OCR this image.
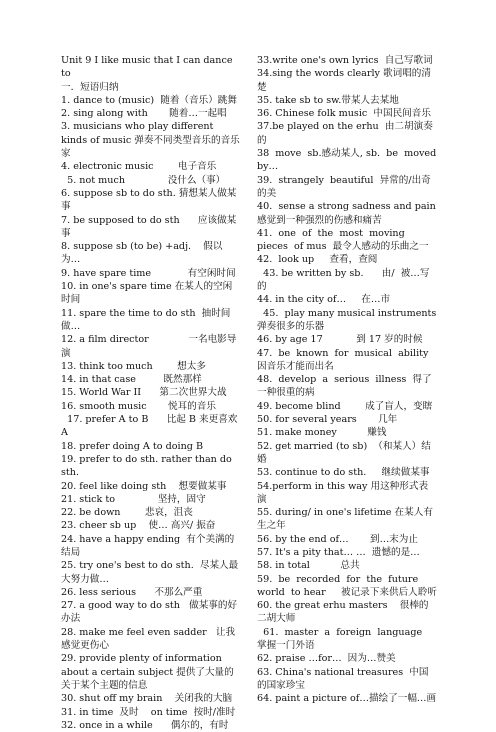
Unit 9 I like music that I can dance to
一．短语归纳
1. dance to (music)  随着（音乐）跳舞
2. sing along with       随着…一起唱
3. musicians who play different kinds of music 弹奏不同类型音乐的音乐家
4. electronic music        电子音乐
5. not much              没什么（事）
6. suppose sb to do sth. 猜想某人做某事
7. be supposed to do sth      应该做某事
8. suppose sb (to be) +adj.    假以为…
9. have spare time            有空闲时间
10. in one's spare time 在某人的空闲时间
11. spare the time to do sth  抽时间做…
12. a film director             一名电影导演
13. think too much        想太多
14. in that case         既然那样
15. World War II      第二次世界大战
16. smooth music       悦耳的音乐
17. prefer A to B      比起 B 来更喜欢 A
18. prefer doing A to doing B
19. prefer to do sth. rather than do sth.
20. feel like doing sth    想要做某事
21. stick to              坚持，固守
22. be down        悲哀，沮丧
23. cheer sb up    使… 高兴/ 振奋
24. have a happy ending  有个美满的结局
25. try one's best to do sth.  尽某人最大努力做…
26. less serious      不那么严重
27. a good way to do sth   做某事的好办法
28. make me feel even sadder   让我感觉更伤心
29. provide plenty of information about a certain subject 提供了大量的关于某个主题的信息
30. shut off my brain    关闭我的大脑
31. in time  及时    on time  按时/准时
32. once in a while      偶尔的，有时
33.write one's own lyrics  自己写歌词
34.sing the words clearly 歌词唱的清楚
35. take sb to sw.带某人去某地
36. Chinese folk music  中国民间音乐
37.be played on the erhu  由二胡演奏的
38  move  sb.感动某人, sb.  be  moved by…
39.  strangely  beautiful  异常的/出奇的美
40.  sense a strong sadness and pain  感觉到一种强烈的伤感和痛苦
41.  one  of  the  most  moving  pieces  of mus  最令人感动的乐曲之一
42.  look up     查看，查阅
43. be written by sb.      由/  被…写的
44. in the city of…     在…市
45.  play many musical instruments  弹奏很多的乐器
46. by age 17           到 17 岁的时候
47.  be  known  for  musical  ability  因音乐才能而出名
48.  develop  a  serious  illness  得了一种很重的病
49. become blind        成了盲人，变瞎
50. for several years       几年
51. make money          赚钱
52. get married (to sb)  （和某人）结婚
53. continue to do sth.     继续做某事
54.perform in this way 用这种形式表演
55. during/ in one's lifetime 在某人有生之年
56. by the end of…       到…末为止
57. It's a pity that… …  遗憾的是…
58. in total          总共
59.  be  recorded  for  the  future  world  to hear     被记录下来供后人聆听
60. the great erhu masters    很棒的二胡大师
61.  master  a  foreign  language  掌握一门外语
62. praise …for…  因为…赞美
63. China's national treasures  中国的国家珍宝
64. paint a picture of…描绘了一幅…画
